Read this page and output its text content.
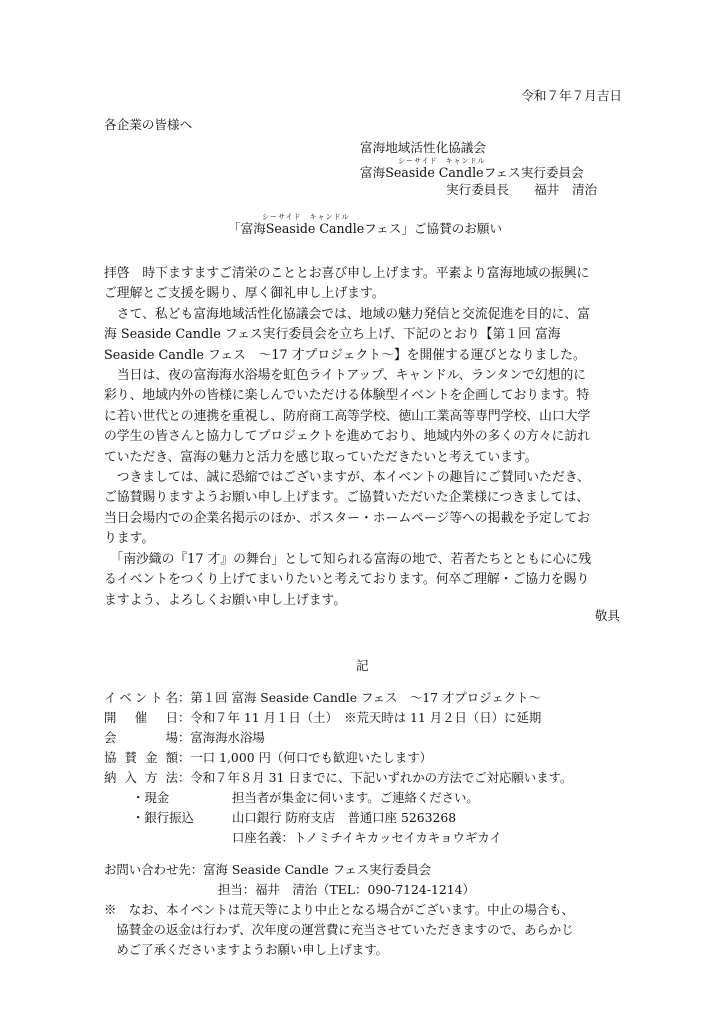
令和７年７月吉日
各企業の皆様へ
富海地域活性化協議会
シーサイド　キャンドル
富海Seaside Candleフェス実行委員会
実行委員長　　福井　清治
シーサイド　キャンドル
「富海Seaside Candleフェス」ご協賛のお願い

拝啓　時下ますますご清栄のこととお喜び申し上げます。平素より富海地域の振興に

ご理解とご支援を賜り、厚く御礼申し上げます。

　さて、私ども富海地域活性化協議会では、地域の魅力発信と交流促進を目的に、富

海 Seaside Candle フェス実行委員会を立ち上げ、下記のとおり【第１回 富海

Seaside Candle フェス　〜17 才プロジェクト〜】を開催する運びとなりました。

　当日は、夜の富海海水浴場を虹色ライトアップ、キャンドル、ランタンで幻想的に

彩り、地域内外の皆様に楽しんでいただける体験型イベントを企画しております。特

に若い世代との連携を重視し、防府商工高等学校、徳山工業高等専門学校、山口大学

の学生の皆さんと協力してプロジェクトを進めており、地域内外の多くの方々に訪れ

ていただき、富海の魅力と活力を感じ取っていただきたいと考えています。

　つきましては、誠に恐縮ではございますが、本イベントの趣旨にご賛同いただき、

ご協賛賜りますようお願い申し上げます。ご協賛いただいた企業様につきましては、

当日会場内での企業名掲示のほか、ポスター・ホームページ等への掲載を予定してお

ります。

　「南沙織の『17 才』の舞台」として知られる富海の地で、若者たちとともに心に残

るイベントをつくり上げてまいりたいと考えております。何卒ご理解・ご協力を賜り

ますよう、よろしくお願い申し上げます。

敬具
記
イベント名：第１回 富海 Seaside Candle フェス　〜17 才プロジェクト〜
開　催　日：令和７年 11 月１日（土）　※荒天時は 11 月２日（日）に延期
会　　　場：富海海水浴場
協 賛 金 額：一口 1,000 円（何口でも歓迎いたします）
納 入 方 法：令和７年８月 31 日までに、下記いずれかの方法でご対応願います。
・現金	担当者が集金に伺います。ご連絡ください。
・銀行振込	山口銀行 防府支店　普通口座 5263268
口座名義：トノミチイキカッセイカキョウギカイ
お問い合わせ先：富海 Seaside Candle フェス実行委員会
担当：福井　清治（TEL：090-7124-1214）
※　なお、本イベントは荒天等により中止となる場合がございます。中止の場合も、
　協賛金の返金は行わず、次年度の運営費に充当させていただきますので、あらかじ
　めご了承くださいますようお願い申し上げます。
